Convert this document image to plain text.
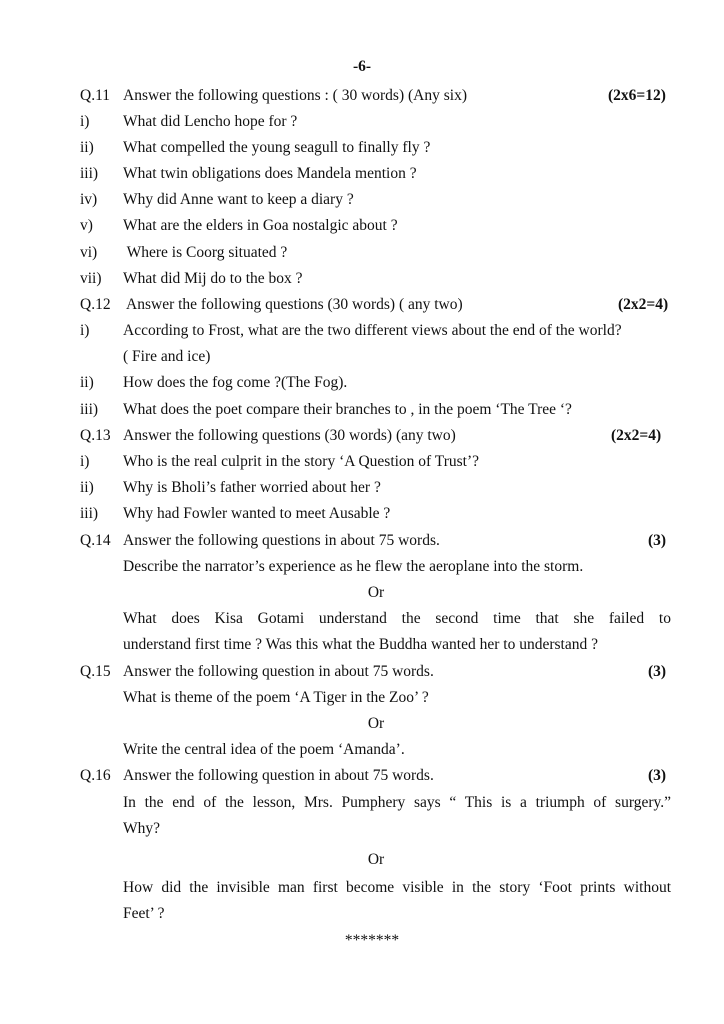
-6-
Q.11 Answer the following questions : ( 30 words) (Any six)	(2x6=12)
i) What did Lencho hope for ?
ii) What compelled the young seagull to finally fly ?
iii) What twin obligations does Mandela mention ?
iv) Why did Anne want to keep a diary ?
v) What are the elders in Goa nostalgic about ?
vi) Where is Coorg situated ?
vii) What did Mij do to the box ?
Q.12 Answer the following questions (30 words) ( any two)	(2x2=4)
i) According to Frost, what are the two different views about the end of the world?
( Fire and ice)
ii) How does the fog come ?(The Fog).
iii) What does the poet compare their branches to , in the poem ‘The Tree ‘?
Q.13 Answer the following questions (30 words) (any two)	(2x2=4)
i) Who is the real culprit in the story ‘A Question of Trust’?
ii) Why is Bholi’s father worried about her ?
iii) Why had Fowler wanted to meet Ausable ?
Q.14 Answer the following questions in about 75 words.	(3)
Describe the narrator’s experience as he flew the aeroplane into the storm.
Or
What does Kisa Gotami understand the second time that she failed to
understand first time ? Was this what the Buddha wanted her to understand ?
Q.15 Answer the following question in about 75 words.	(3)
What is theme of the poem ‘A Tiger in the Zoo’ ?
Or
Write the central idea of the poem ‘Amanda’.
Q.16 Answer the following question in about 75 words.	(3)
In the end of the lesson, Mrs. Pumphery says “ This is a triumph of surgery.”
Why?
Or
How did the invisible man first become visible in the story ‘Foot prints without
Feet’ ?
*******
